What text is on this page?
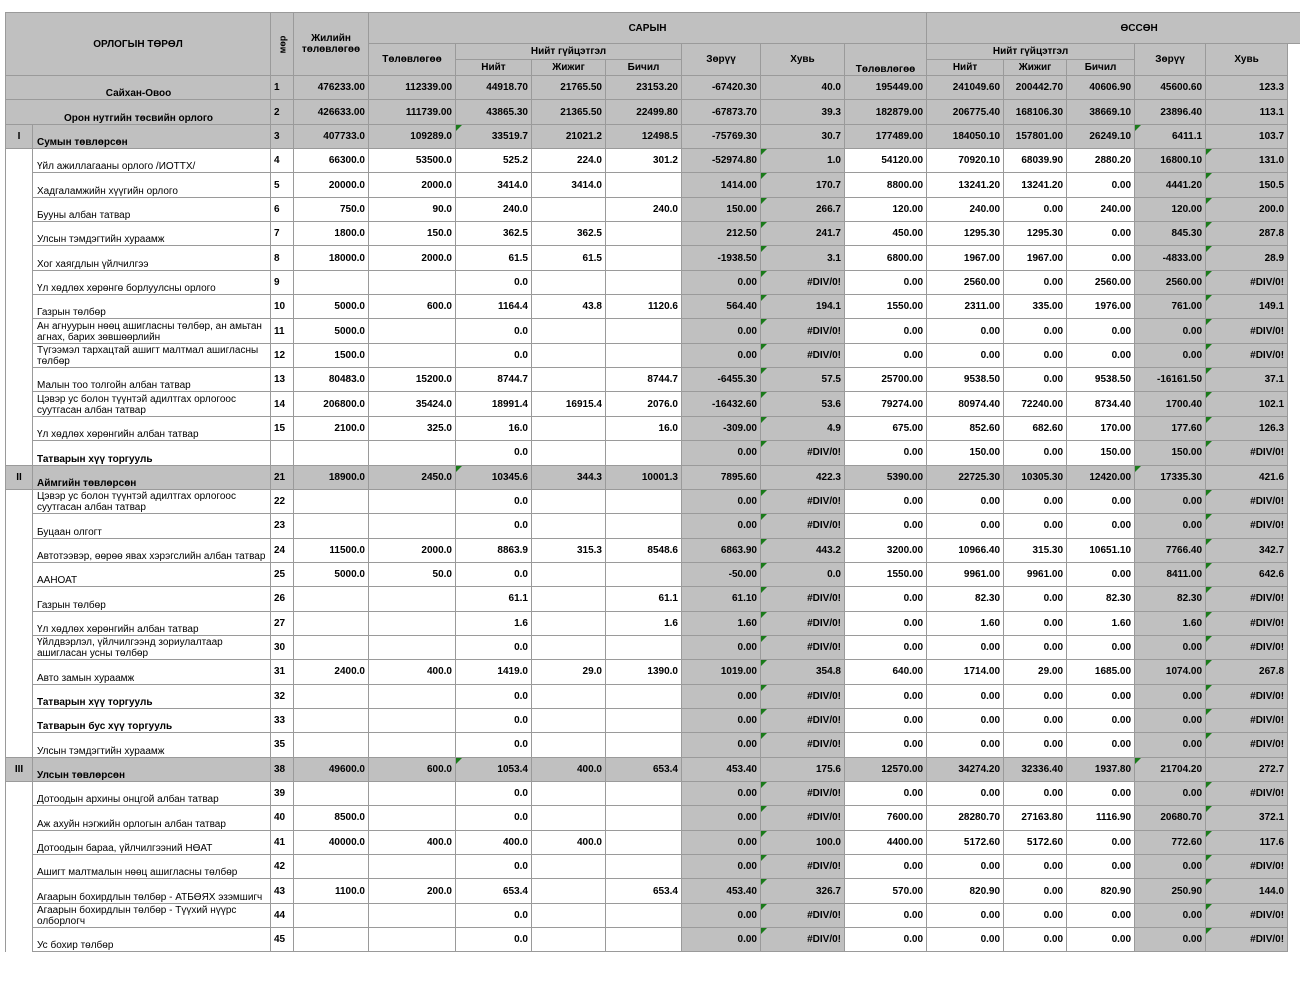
ОРЛОГЫН ТӨРӨЛ		мөр	Жилийн төлөвлөгөө	САРЫН							ӨССӨН				
				Төлөвлөгөө	Нийт гүйцэтгэл			Зөрүү	Хувь	Төлөвлөгөө	Нийт гүйцэтгэл			Зөрүү	Хувь
					Нийт	Жижиг	Бичил				Нийт	Жижиг	Бичил		
Сайхан-Овоо		1	476233.00	112339.00	44918.70	21765.50	23153.20	-67420.30	40.0	195449.00	241049.60	200442.70	40606.90	45600.60	123.3
Орон нутгийн төсвийн орлого		2	426633.00	111739.00	43865.30	21365.50	22499.80	-67873.70	39.3	182879.00	206775.40	168106.30	38669.10	23896.40	113.1
I	Сумын төвлөрсөн	3	407733.0	109289.0	33519.7	21021.2	12498.5	-75769.30	30.7	177489.00	184050.10	157801.00	26249.10	6411.1	103.7
	Үйл ажиллагааны орлого /ИОТТХ/	4	66300.0	53500.0	525.2	224.0	301.2	-52974.80	1.0	54120.00	70920.10	68039.90	2880.20	16800.10	131.0
	Хадгаламжийн хүүгийн орлого	5	20000.0	2000.0	3414.0	3414.0		1414.00	170.7	8800.00	13241.20	13241.20	0.00	4441.20	150.5
	Бууны албан татвар	6	750.0	90.0	240.0		240.0	150.00	266.7	120.00	240.00	0.00	240.00	120.00	200.0
	Улсын тэмдэгтийн хураамж	7	1800.0	150.0	362.5	362.5		212.50	241.7	450.00	1295.30	1295.30	0.00	845.30	287.8
	Хог хаягдлын үйлчилгээ	8	18000.0	2000.0	61.5	61.5		-1938.50	3.1	6800.00	1967.00	1967.00	0.00	-4833.00	28.9
	Үл хөдлөх хөрөнгө борлуулсны орлого	9			0.0			0.00	#DIV/0!	0.00	2560.00	0.00	2560.00	2560.00	#DIV/0!
	Газрын төлбөр	10	5000.0	600.0	1164.4	43.8	1120.6	564.40	194.1	1550.00	2311.00	335.00	1976.00	761.00	149.1
	Ан агнуурын нөөц ашигласны төлбөр, ан амьтан агнах, барих зөвшөөрлийн	11	5000.0		0.0			0.00	#DIV/0!	0.00	0.00	0.00	0.00	0.00	#DIV/0!
	Түгээмэл тархацтай ашигт малтмал ашигласны төлбөр	12	1500.0		0.0			0.00	#DIV/0!	0.00	0.00	0.00	0.00	0.00	#DIV/0!
	Малын тоо толгойн албан татвар	13	80483.0	15200.0	8744.7		8744.7	-6455.30	57.5	25700.00	9538.50	0.00	9538.50	-16161.50	37.1
	Цэвэр ус болон түүнтэй адилтгах орлогоос суутгасан албан татвар	14	206800.0	35424.0	18991.4	16915.4	2076.0	-16432.60	53.6	79274.00	80974.40	72240.00	8734.40	1700.40	102.1
	Үл хөдлөх хөрөнгийн албан татвар	15	2100.0	325.0	16.0		16.0	-309.00	4.9	675.00	852.60	682.60	170.00	177.60	126.3
	Татварын хүү торгууль				0.0			0.00	#DIV/0!	0.00	150.00	0.00	150.00	150.00	#DIV/0!
II	Аймгийн төвлөрсөн	21	18900.0	2450.0	10345.6	344.3	10001.3	7895.60	422.3	5390.00	22725.30	10305.30	12420.00	17335.30	421.6
	Цэвэр ус болон түүнтэй адилтгах орлогоос суутгасан албан татвар	22			0.0			0.00	#DIV/0!	0.00	0.00	0.00	0.00	0.00	#DIV/0!
	Буцаан олгогт	23			0.0			0.00	#DIV/0!	0.00	0.00	0.00	0.00	0.00	#DIV/0!
	Автотээвэр, өөрөө явах хэрэгслийн албан татвар	24	11500.0	2000.0	8863.9	315.3	8548.6	6863.90	443.2	3200.00	10966.40	315.30	10651.10	7766.40	342.7
	ААНОАТ	25	5000.0	50.0	0.0			-50.00	0.0	1550.00	9961.00	9961.00	0.00	8411.00	642.6
	Газрын төлбөр	26			61.1		61.1	61.10	#DIV/0!	0.00	82.30	0.00	82.30	82.30	#DIV/0!
	Үл хөдлөх хөрөнгийн албан татвар	27			1.6		1.6	1.60	#DIV/0!	0.00	1.60	0.00	1.60	1.60	#DIV/0!
	Үйлдвэрлэл, үйлчилгээнд зориулалтаар ашигласан усны төлбөр	30			0.0			0.00	#DIV/0!	0.00	0.00	0.00	0.00	0.00	#DIV/0!
	Авто замын хураамж	31	2400.0	400.0	1419.0	29.0	1390.0	1019.00	354.8	640.00	1714.00	29.00	1685.00	1074.00	267.8
	Татварын хүү торгууль	32			0.0			0.00	#DIV/0!	0.00	0.00	0.00	0.00	0.00	#DIV/0!
	Татварын бус хүү торгууль	33			0.0			0.00	#DIV/0!	0.00	0.00	0.00	0.00	0.00	#DIV/0!
	Улсын тэмдэгтийн хураамж	35			0.0			0.00	#DIV/0!	0.00	0.00	0.00	0.00	0.00	#DIV/0!
III	Улсын төвлөрсөн	38	49600.0	600.0	1053.4	400.0	653.4	453.40	175.6	12570.00	34274.20	32336.40	1937.80	21704.20	272.7
	Дотоодын архины онцгой албан татвар	39			0.0			0.00	#DIV/0!	0.00	0.00	0.00	0.00	0.00	#DIV/0!
	Аж ахуйн нэгжийн орлогын албан татвар	40	8500.0		0.0			0.00	#DIV/0!	7600.00	28280.70	27163.80	1116.90	20680.70	372.1
	Дотоодын бараа, үйлчилгээний НӨАТ	41	40000.0	400.0	400.0	400.0		0.00	100.0	4400.00	5172.60	5172.60	0.00	772.60	117.6
	Ашигт малтмалын нөөц ашигласны төлбөр	42			0.0			0.00	#DIV/0!	0.00	0.00	0.00	0.00	0.00	#DIV/0!
	Агаарын бохирдлын төлбөр - АТБӨЯХ эзэмшигч	43	1100.0	200.0	653.4		653.4	453.40	326.7	570.00	820.90	0.00	820.90	250.90	144.0
	Агаарын бохирдлын төлбөр - Түүхий нүүрс олборлогч	44			0.0			0.00	#DIV/0!	0.00	0.00	0.00	0.00	0.00	#DIV/0!
	Ус бохир төлбөр	45			0.0			0.00	#DIV/0!	0.00	0.00	0.00	0.00	0.00	#DIV/0!
